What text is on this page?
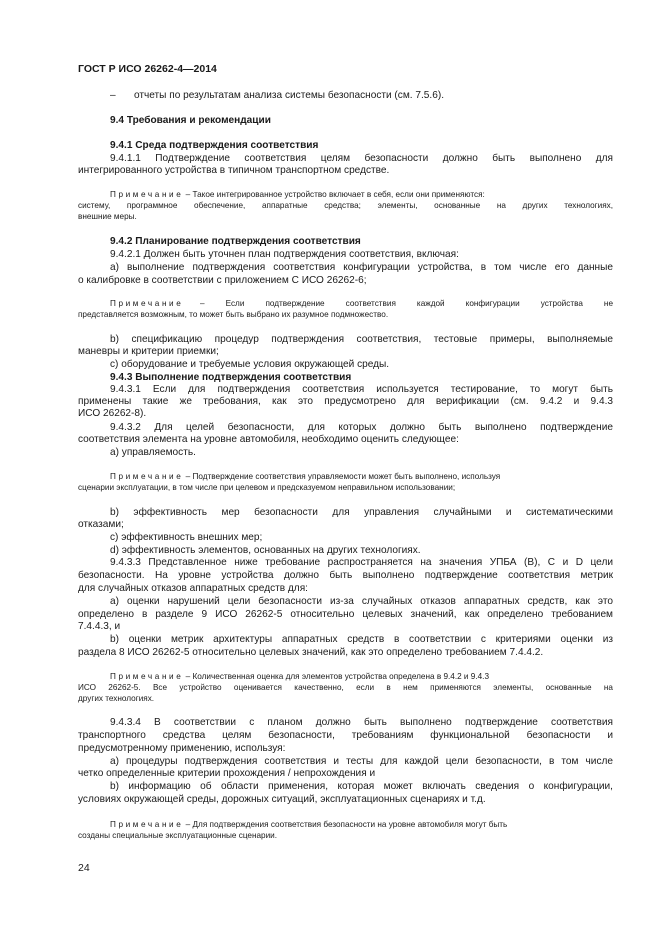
ГОСТ Р ИСО 26262-4—2014
– отчеты по результатам анализа системы безопасности (см. 7.5.6).
9.4 Требования и рекомендации
9.4.1 Среда подтверждения соответствия
9.4.1.1 Подтверждение соответствия целям безопасности должно быть выполнено для
интегрированного устройства в типичном транспортном средстве.
Примечание – Такое интегрированное устройство включает в себя, если они применяются:
систему, программное обеспечение, аппаратные средства; элементы, основанные на других технологиях,
внешние меры.
9.4.2 Планирование подтверждения соответствия
9.4.2.1 Должен быть уточнен план подтверждения соответствия, включая:
а) выполнение подтверждения соответствия конфигурации устройства, в том числе его данные
о калибровке в соответствии с приложением С ИСО 26262-6;
Примечание – Если подтверждение соответствия каждой конфигурации устройства не
представляется возможным, то может быть выбрано их разумное подмножество.
b) спецификацию процедур подтверждения соответствия, тестовые примеры, выполняемые
маневры и критерии приемки;
c) оборудование и требуемые условия окружающей среды.
9.4.3 Выполнение подтверждения соответствия
9.4.3.1 Если для подтверждения соответствия используется тестирование, то могут быть
применены такие же требования, как это предусмотрено для верификации (см. 9.4.2 и 9.4.3
ИСО 26262-8).
9.4.3.2 Для целей безопасности, для которых должно быть выполнено подтверждение
соответствия элемента на уровне автомобиля, необходимо оценить следующее:
а) управляемость.
Примечание – Подтверждение соответствия управляемости может быть выполнено, используя
сценарии эксплуатации, в том числе при целевом и предсказуемом неправильном использовании;
b) эффективность мер безопасности для управления случайными и систематическими
отказами;
c) эффективность внешних мер;
d) эффективность элементов, основанных на других технологиях.
9.4.3.3 Представленное ниже требование распространяется на значения УПБА (B), C и D цели
безопасности. На уровне устройства должно быть выполнено подтверждение соответствия метрик
для случайных отказов аппаратных средств для:
а) оценки нарушений цели безопасности из-за случайных отказов аппаратных средств, как это
определено в разделе 9 ИСО 26262-5 относительно целевых значений, как определено требованием
7.4.4.3, и
b) оценки метрик архитектуры аппаратных средств в соответствии с критериями оценки из
раздела 8 ИСО 26262-5 относительно целевых значений, как это определено требованием 7.4.4.2.
Примечание – Количественная оценка для элементов устройства определена в 9.4.2 и 9.4.3
ИСО 26262-5. Все устройство оценивается качественно, если в нем применяются элементы, основанные на
других технологиях.
9.4.3.4 В соответствии с планом должно быть выполнено подтверждение соответствия
транспортного средства целям безопасности, требованиям функциональной безопасности и
предусмотренному применению, используя:
а) процедуры подтверждения соответствия и тесты для каждой цели безопасности, в том числе
четко определенные критерии прохождения / непрохождения и
b) информацию об области применения, которая может включать сведения о конфигурации,
условиях окружающей среды, дорожных ситуаций, эксплуатационных сценариях и т.д.
Примечание – Для подтверждения соответствия безопасности на уровне автомобиля могут быть
созданы специальные эксплуатационные сценарии.
24
